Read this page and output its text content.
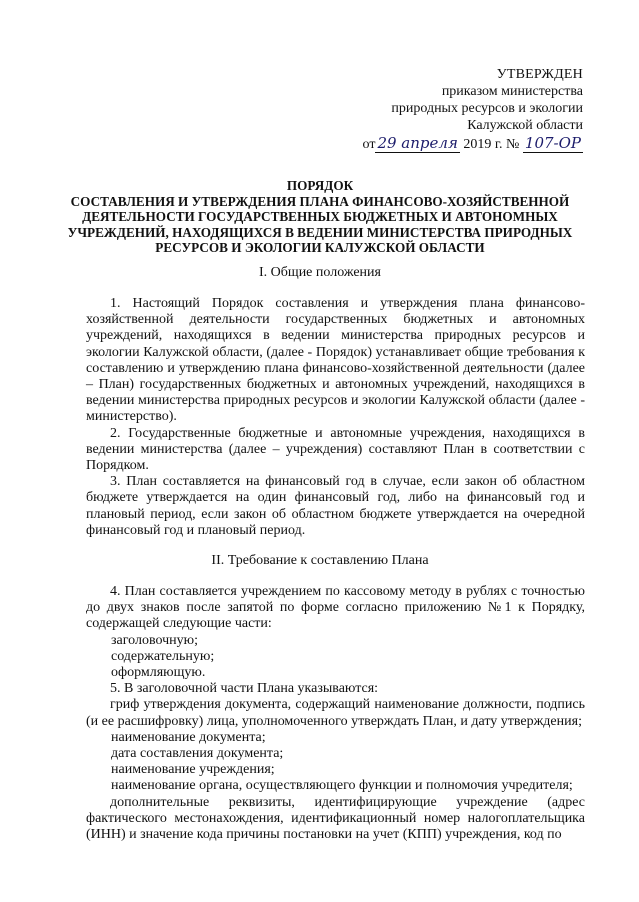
УТВЕРЖДЕН
приказом министерства
природных ресурсов и экологии
Калужской области
от 29 апреля 2019 г. № 107-ОР
ПОРЯДОК
СОСТАВЛЕНИЯ И УТВЕРЖДЕНИЯ ПЛАНА ФИНАНСОВО-ХОЗЯЙСТВЕННОЙ
ДЕЯТЕЛЬНОСТИ ГОСУДАРСТВЕННЫХ БЮДЖЕТНЫХ И АВТОНОМНЫХ
УЧРЕЖДЕНИЙ, НАХОДЯЩИХСЯ В ВЕДЕНИИ МИНИСТЕРСТВА ПРИРОДНЫХ
РЕСУРСОВ И ЭКОЛОГИИ КАЛУЖСКОЙ ОБЛАСТИ
I. Общие положения

1. Настоящий Порядок составления и утверждения плана финансово-хозяйственной деятельности государственных бюджетных и автономных учреждений, находящихся в ведении министерства природных ресурсов и экологии Калужской области, (далее - Порядок) устанавливает общие требования к составлению и утверждению плана финансово-хозяйственной деятельности (далее – План) государственных бюджетных и автономных учреждений, находящихся в ведении министерства природных ресурсов и экологии Калужской области (далее - министерство).

2. Государственные бюджетные и автономные учреждения, находящихся в ведении министерства (далее – учреждения) составляют План в соответствии с Порядком.

3. План составляется на финансовый год в случае, если закон об областном бюджете утверждается на один финансовый год, либо на финансовый год и плановый период, если закон об областном бюджете утверждается на очередной финансовый год и плановый период.

II. Требование к составлению Плана

4. План составляется учреждением по кассовому методу в рублях с точностью до двух знаков после запятой по форме согласно приложению №1 к Порядку, содержащей следующие части:

заголовочную;

содержательную;

оформляющую.

5. В заголовочной части Плана указываются:

гриф утверждения документа, содержащий наименование должности, подпись (и ее расшифровку) лица, уполномоченного утверждать План, и дату утверждения;

наименование документа;

дата составления документа;

наименование учреждения;

наименование органа, осуществляющего функции и полномочия учредителя;

дополнительные реквизиты, идентифицирующие учреждение (адрес фактического местонахождения, идентификационный номер налогоплательщика (ИНН) и значение кода причины постановки на учет (КПП) учреждения, код по
